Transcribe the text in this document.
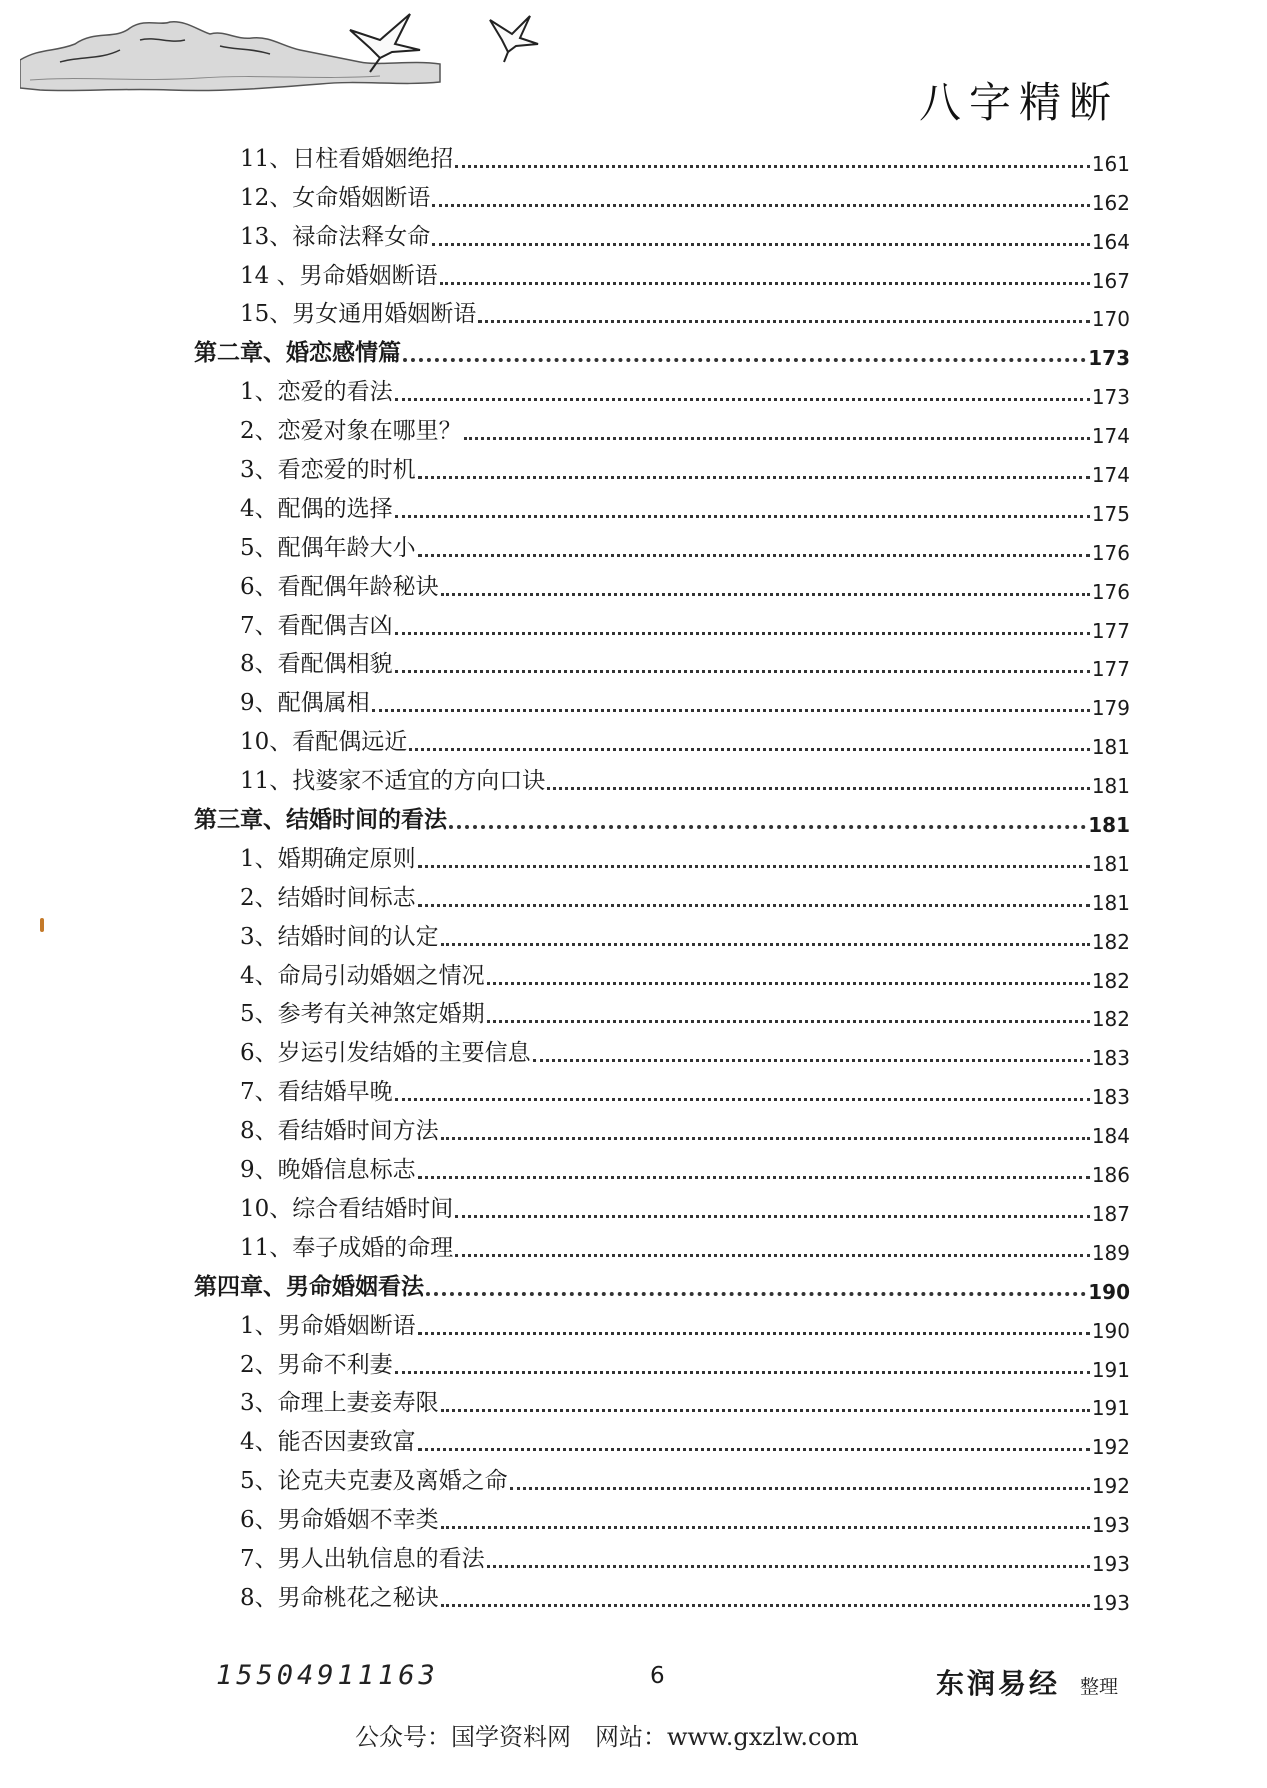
八字精断
11、日柱看婚姻绝招	161
12、女命婚姻断语	162
13、禄命法释女命	164
14 、男命婚姻断语	167
15、男女通用婚姻断语	170
第二章、婚恋感情篇	173
1、恋爱的看法	173
2、恋爱对象在哪里？	174
3、看恋爱的时机	174
4、配偶的选择	175
5、配偶年龄大小	176
6、看配偶年龄秘诀	176
7、看配偶吉凶	177
8、看配偶相貌	177
9、配偶属相	179
10、看配偶远近	181
11、找婆家不适宜的方向口诀	181
第三章、结婚时间的看法	181
1、婚期确定原则	181
2、结婚时间标志	181
3、结婚时间的认定	182
4、命局引动婚姻之情况	182
5、参考有关神煞定婚期	182
6、岁运引发结婚的主要信息	183
7、看结婚早晚	183
8、看结婚时间方法	184
9、晚婚信息标志	186
10、综合看结婚时间	187
11、奉子成婚的命理	189
第四章、男命婚姻看法	190
1、男命婚姻断语	190
2、男命不利妻	191
3、命理上妻妾寿限	191
4、能否因妻致富	192
5、论克夫克妻及离婚之命	192
6、男命婚姻不幸类	193
7、男人出轨信息的看法	193
8、男命桃花之秘诀	193
15504911163	6	东润易经 整理
公众号：国学资料网　网站：www.gxzlw.com
